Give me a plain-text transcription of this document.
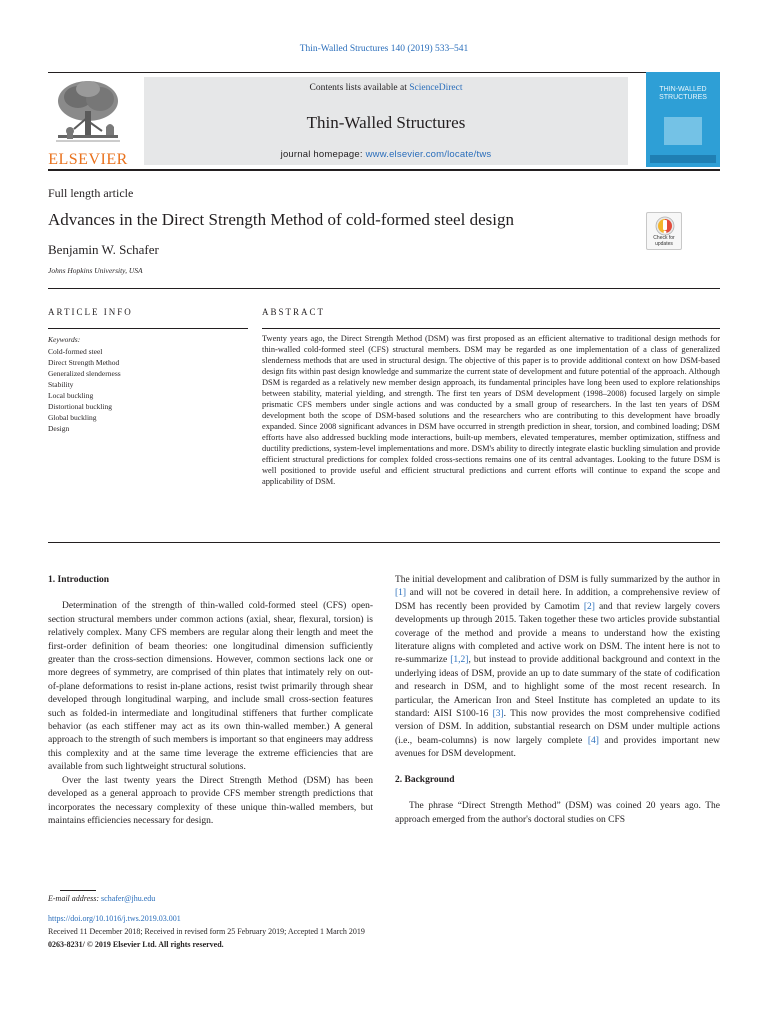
Thin-Walled Structures 140 (2019) 533–541
ELSEVIER
Contents lists available at ScienceDirect
Thin-Walled Structures
journal homepage: www.elsevier.com/locate/tws
THIN-WALLED
STRUCTURES
Full length article
Advances in the Direct Strength Method of cold-formed steel design
Benjamin W. Schafer
Johns Hopkins University, USA
Check for
updates
ARTICLE INFO
Keywords:
Cold-formed steel
Direct Strength Method
Generalized slenderness
Stability
Local buckling
Distortional buckling
Global buckling
Design
ABSTRACT
Twenty years ago, the Direct Strength Method (DSM) was first proposed as an efficient alternative to traditional design methods for thin-walled cold-formed steel (CFS) structural members. DSM may be regarded as one implementation of a class of generalized slenderness methods that are used in structural design. The objective of this paper is to provide additional context on how DSM-based design fits within past design knowledge and summarize the current state of development and future potential of the approach. Although DSM is regarded as a relatively new member design approach, its fundamental principles have long been used to explore relationships between stability, material yielding, and strength. The first ten years of DSM development (1998–2008) focused largely on simple prismatic CFS members under single actions and was conducted by a small group of researchers. In the last ten years of DSM development both the scope of DSM-based solutions and the researchers who are contributing to this development have broadly expanded. Since 2008 significant advances in DSM have occurred in strength prediction in shear, torsion, and combined loading; DSM efforts have also addressed buckling mode interactions, built-up members, elevated temperatures, member optimization, stiffness and ductility predictions, system-level implementations and more. DSM's ability to directly integrate elastic buckling simulation and provide efficient structural predictions for complex folded cross-sections remains one of its central advantages. Looking to the future DSM is well positioned to provide useful and efficient structural predictions and current efforts will continue to expand the scope and applicability of DSM.
1. Introduction

Determination of the strength of thin-walled cold-formed steel (CFS) open-section structural members under common actions (axial, shear, flexural, torsion) is relatively complex. Many CFS members are regular along their length and meet the first-order definition of beam theories: one longitudinal dimension sufficiently greater than the cross-section dimensions. However, common sections lack one or more degrees of symmetry, are comprised of thin plates that intimately rely on out-of-plane deformations to resist in-plane actions, resist twist primarily through shear developed through longitudinal warping, and include small cross-section features such as folded-in intermediate and longitudinal stiffeners that further complicate behavior (as each stiffener may act as its own thin-walled member.) A general approach to the strength of such members is important so that engineers may address this complexity and at the same time leverage the extreme efficiencies that are available from such lightweight structural solutions.

Over the last twenty years the Direct Strength Method (DSM) has been developed as a general approach to provide CFS member strength predictions that incorporates the necessary complexity of these unique thin-walled members, but maintains efficiencies necessary for design.

The initial development and calibration of DSM is fully summarized by the author in [1] and will not be covered in detail here. In addition, a comprehensive review of DSM has recently been provided by Camotim [2] and that review largely covers developments up through 2015. Taken together these two articles provide substantial coverage of the method and provide a means to understand how the existing literature aligns with completed and active work on DSM. The intent here is not to re-summarize [1,2], but instead to provide additional background and context in the underlying ideas of DSM, provide an up to date summary of the state of codification and research in DSM, and to highlight some of the most recent research. In particular, the American Iron and Steel Institute has completed an update to its standard: AISI S100-16 [3]. This now provides the most comprehensive codified version of DSM. In addition, substantial research on DSM under multiple actions (i.e., beam-columns) is now largely complete [4] and provides important new avenues for DSM development.

2. Background

The phrase “Direct Strength Method” (DSM) was coined 20 years ago. The approach emerged from the author's doctoral studies on CFS

E-mail address: schafer@jhu.edu
https://doi.org/10.1016/j.tws.2019.03.001
Received 11 December 2018; Received in revised form 25 February 2019; Accepted 1 March 2019
0263-8231/ © 2019 Elsevier Ltd. All rights reserved.
